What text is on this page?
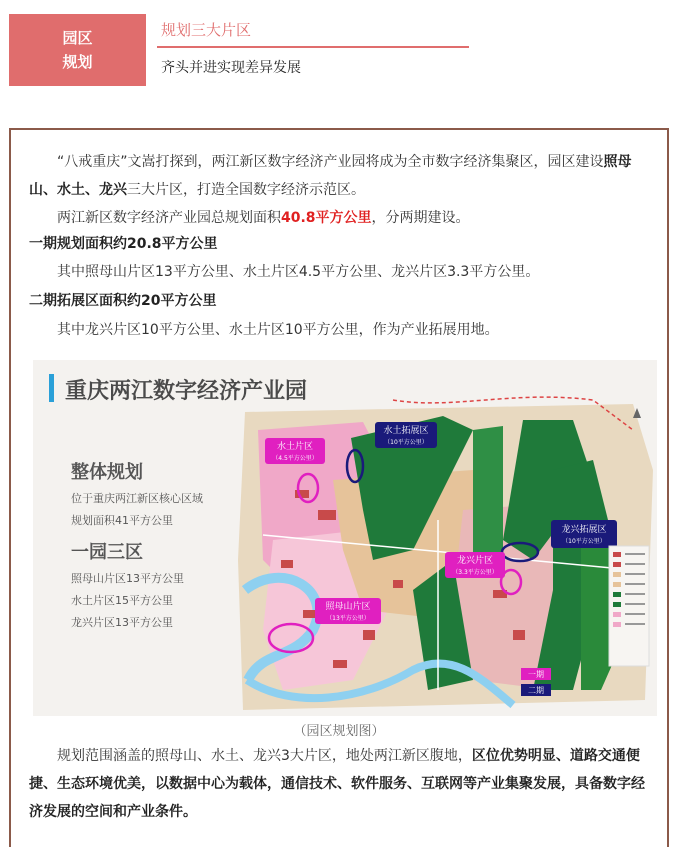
园区
规划
规划三大片区
齐头并进实现差异发展
“八戒重庆”文嵩打探到，两江新区数字经济产业园将成为全市数字经济集聚区，园区建设照母山、水土、龙兴三大片区，打造全国数字经济示范区。
两江新区数字经济产业园总规划面积40.8平方公里，分两期建设。
一期规划面积约20.8平方公里
其中照母山片区13平方公里、水土片区4.5平方公里、龙兴片区3.3平方公里。
二期拓展区面积约20平方公里
其中龙兴片区10平方公里、水土片区10平方公里，作为产业拓展用地。
重庆两江数字经济产业园
整体规划
位于重庆两江新区核心区域
规划面积41平方公里
一园三区
照母山片区13平方公里
水土片区15平方公里
龙兴片区13平方公里
水土片区
（4.5平方公里）
水土拓展区
（10平方公里）
龙兴拓展区
（10平方公里）
龙兴片区
（3.3平方公里）
照母山片区
（13平方公里）
一期
二期
（园区规划图）
规划范围涵盖的照母山、水土、龙兴3大片区，地处两江新区腹地，区位优势明显、道路交通便捷、生态环境优美，以数据中心为载体，通信技术、软件服务、互联网等产业集聚发展，具备数字经济发展的空间和产业条件。
